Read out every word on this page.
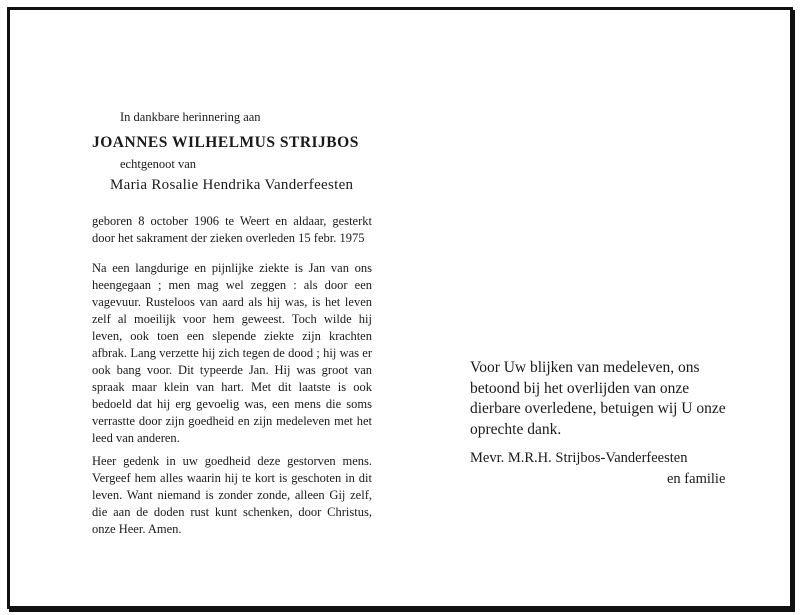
In dankbare herinnering aan
JOANNES WILHELMUS STRIJBOS
echtgenoot van
Maria Rosalie Hendrika Vanderfeesten

geboren 8 october 1906 te Weert en aldaar, gesterkt door het sakrament der zieken overleden 15 febr. 1975

Na een langdurige en pijnlijke ziekte is Jan van ons heengegaan ; men mag wel zeggen : als door een vagevuur. Rusteloos van aard als hij was, is het leven zelf al moeilijk voor hem geweest. Toch wilde hij leven, ook toen een slepende ziekte zijn krachten afbrak. Lang verzette hij zich tegen de dood ; hij was er ook bang voor. Dit typeerde Jan. Hij was groot van spraak maar klein van hart. Met dit laatste is ook bedoeld dat hij erg gevoelig was, een mens die soms verrastte door zijn goedheid en zijn medeleven met het leed van anderen.

Heer gedenk in uw goedheid deze gestorven mens. Vergeef hem alles waarin hij te kort is geschoten in dit leven. Want niemand is zonder zonde, alleen Gij zelf, die aan de doden rust kunt schenken, door Christus, onze Heer. Amen.

Voor Uw blijken van medeleven, ons betoond bij het overlijden van onze dierbare overledene, betuigen wij U onze oprechte dank.

Mevr. M.R.H. Strijbos-Vanderfeesten
en familie
